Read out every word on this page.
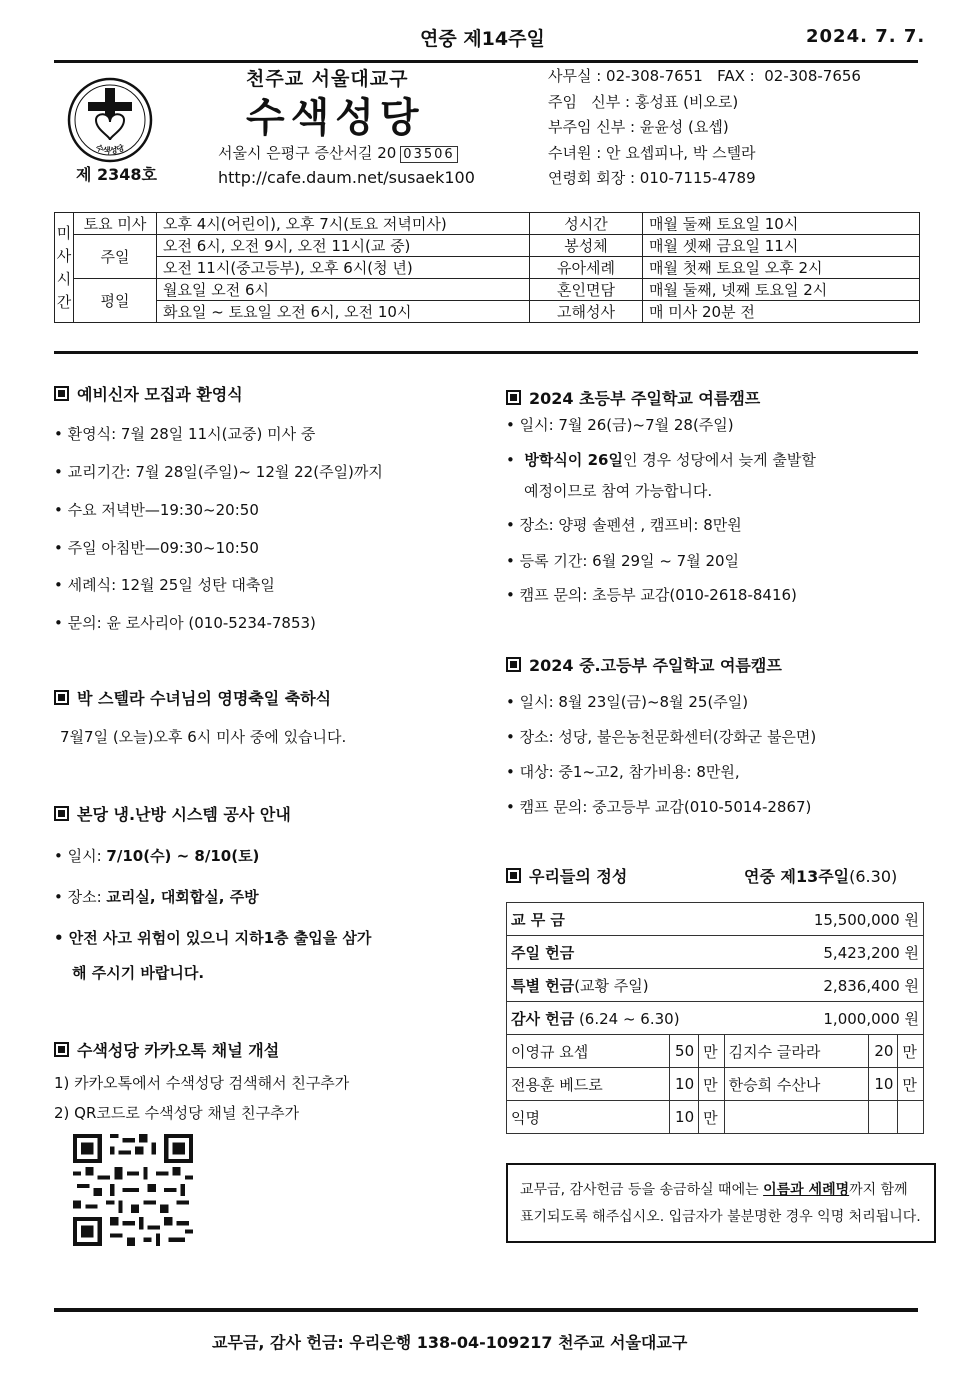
연중 제14주일	2024. 7. 7.
수색성당
제 2348호
천주교 서울대교구
수색성당
서울시 은평구 증산서길 20 03506
http://cafe.daum.net/susaek100
사무실 : 02-308-7651   FAX :  02-308-7656
주임   신부 : 홍성표 (비오로)
부주임 신부 : 윤윤성 (요셉)
수녀원 : 안 요셉피나, 박 스텔라
연령회 회장 : 010-7115-4789
미
사
시
간	토요 미사	오후 4시(어린이), 오후 7시(토요 저녁미사)	성시간	매월 둘째 토요일 10시
	주일	오전 6시, 오전 9시, 오전 11시(교 중)	봉성체	매월 셋째 금요일 11시
		오전 11시(중고등부), 오후 6시(청 년)	유아세례	매월 첫째 토요일 오후 2시
	평일	월요일 오전 6시	혼인면담	매월 둘째, 넷째 토요일 2시
		화요일 ~ 토요일 오전 6시, 오전 10시	고해성사	매 미사 20분 전
예비신자 모집과 환영식
• 환영식: 7월 28일 11시(교중) 미사 중
• 교리기간: 7월 28일(주일)~ 12월 22(주일)까지
• 수요 저녁반—19:30~20:50
• 주일 아침반—09:30~10:50
• 세례식: 12월 25일 성탄 대축일
• 문의: 윤 로사리아 (010-5234-7853)
박 스텔라 수녀님의 영명축일 축하식
7월7일 (오늘)오후 6시 미사 중에 있습니다.
본당 냉.난방 시스템 공사 안내
• 일시: 7/10(수) ~ 8/10(토)
• 장소: 교리실, 대회합실, 주방
• 안전 사고 위험이 있으니 지하1층 출입을 삼가
해 주시기 바랍니다.
수색성당 카카오톡 채널 개설
1) 카카오톡에서 수색성당 검색해서 친구추가
2) QR코드로 수색성당 채널 친구추가
2024 초등부 주일학교 여름캠프
• 일시: 7월 26(금)~7월 28(주일)
•  방학식이 26일인 경우 성당에서 늦게 출발할
예정이므로 참여 가능합니다.
• 장소: 양평 솔펜션 , 캠프비: 8만원
• 등록 기간: 6월 29일 ~ 7월 20일
• 캠프 문의: 초등부 교감(010-2618-8416)
2024 중.고등부 주일학교 여름캠프
• 일시: 8월 23일(금)~8월 25(주일)
• 장소: 성당, 불은농천문화센터(강화군 불은면)
• 대상: 중1~고2, 참가비용: 8만원,
• 캠프 문의: 중고등부 교감(010-5014-2867)
우리들의 정성	연중 제13주일(6.30)
교 무 금			15,500,000 원		
주일 헌금			5,423,200 원		
특별 헌금(교황 주일)			2,836,400 원		
감사 헌금 (6.24 ~ 6.30)			1,000,000 원		
이영규 요셉	50	만	김지수 글라라	20	만
전용훈 베드로	10	만	한승희 수산나	10	만
익명	10	만			
교무금, 감사헌금 등을 송금하실 때에는 이름과 세례명까지 함께 표기되도록 해주십시오. 입금자가 불분명한 경우 익명 처리됩니다.
교무금, 감사 헌금: 우리은행 138-04-109217 천주교 서울대교구
